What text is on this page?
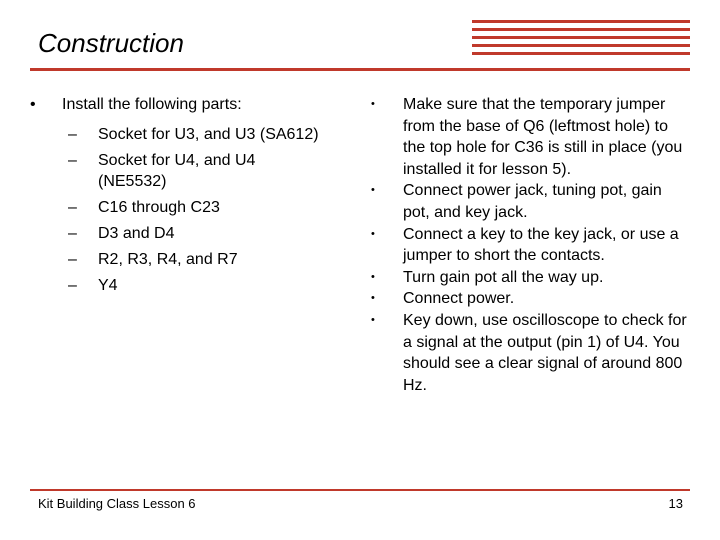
Construction
•	Install the following parts:
–	Socket for U3, and U3 (SA612)
–	Socket for U4, and U4 (NE5532)
–	C16 through C23
–	D3 and D4
–	R2, R3, R4, and R7
–	Y4
•	Make sure that the temporary jumper from the base of Q6 (leftmost hole) to the top hole for C36 is still in place (you installed it for lesson 5).
•	Connect power jack, tuning pot, gain pot, and key jack.
•	Connect a key to the key jack, or use a jumper to short the contacts.
•	Turn gain pot all the way up.
•	Connect power.
•	Key down, use oscilloscope to check for a signal at the output (pin 1) of U4. You should see a clear signal of around 800 Hz.
Kit Building Class Lesson 6	13
